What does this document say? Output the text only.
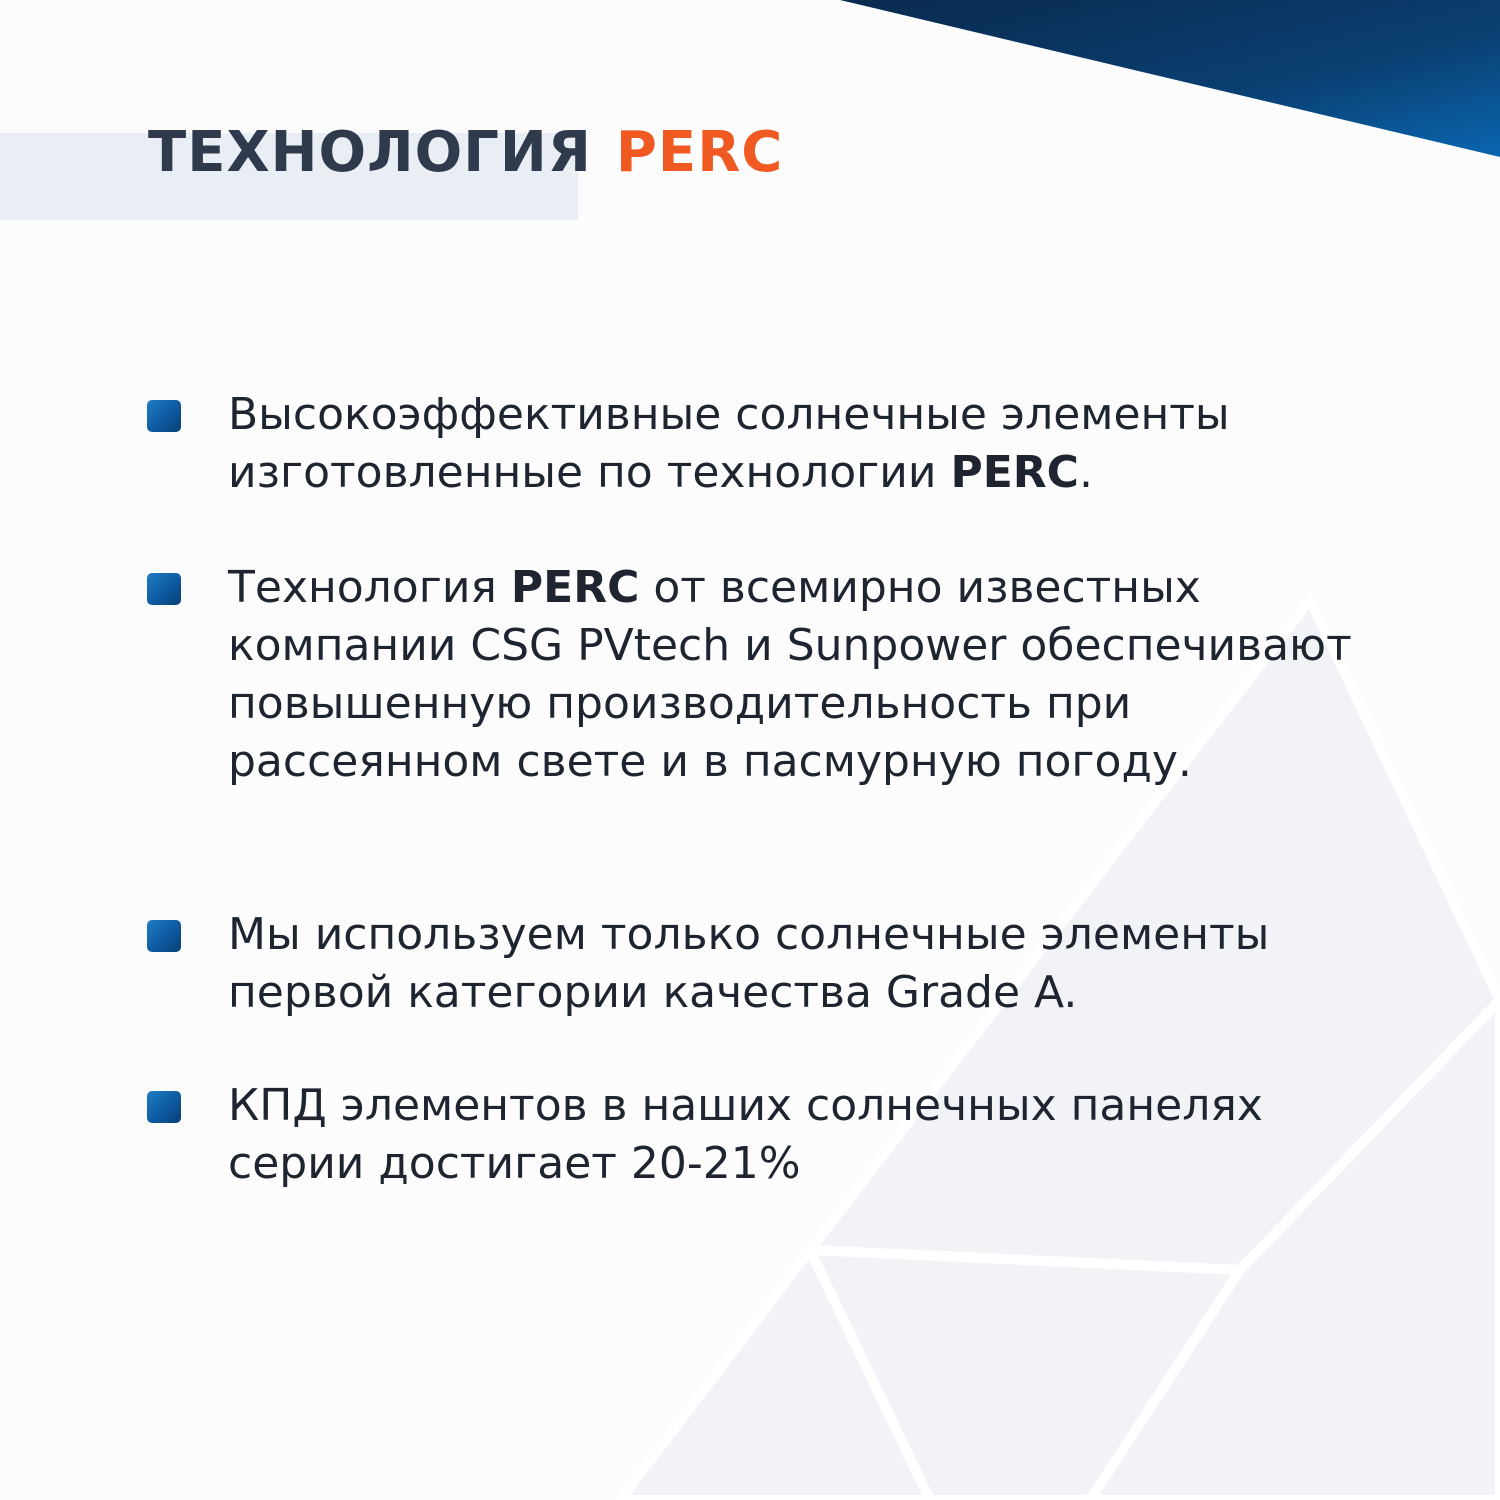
ТЕХНОЛОГИЯ PERC
Высокоэффективные солнечные элементы изготовленные по технологии PERC.
Технология PERC от всемирно известных компании CSG PVtech и Sunpower обеспечивают повышенную производительность при рассеянном свете и в пасмурную погоду.
Мы используем только солнечные элементы первой категории качества Grade A.
КПД элементов в наших солнечных панелях серии достигает 20-21%
